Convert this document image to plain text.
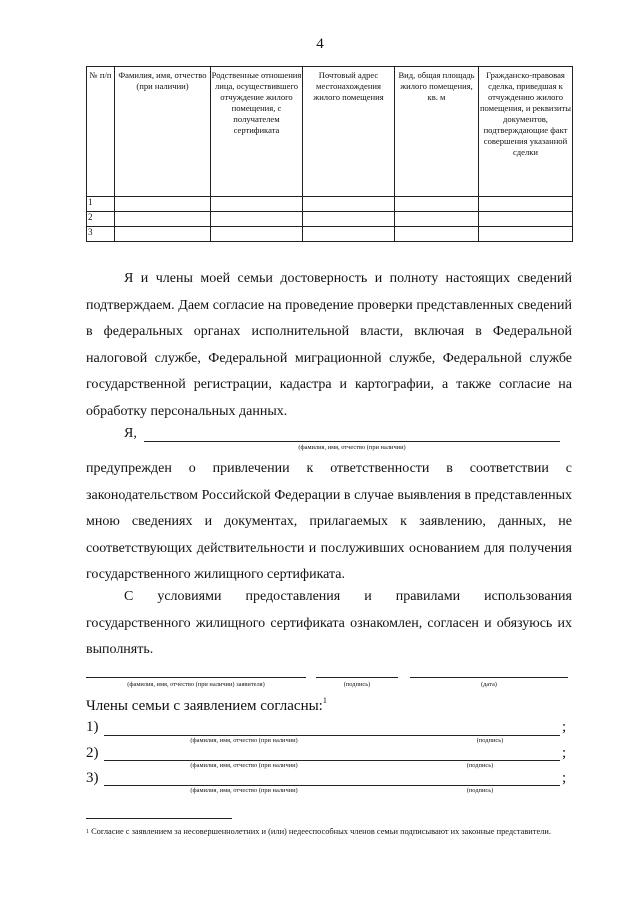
4
№ п/п	Фамилия, имя, отчество (при наличии)	Родственные отношения лица, осуществившего отчуждение жилого помещения, с получателем сертификата	Почтовый адрес местонахождения жилого помещения	Вид, общая площадь жилого помещения, кв. м	Гражданско-правовая сделка, приведшая к отчуждению жилого помещения, и реквизиты документов, подтверждающие факт совершения указанной сделки
1					
2					
3					
Я и члены моей семьи достоверность и полноту настоящих сведений подтверждаем. Даем согласие на проведение проверки представленных сведений в федеральных органах исполнительной власти, включая в Федеральной налоговой службе, Федеральной миграционной службе, Федеральной службе государственной регистрации, кадастра и картографии, а также согласие на обработку персональных данных.
Я,
(фамилия, имя, отчество (при наличии)
предупрежден о привлечении к ответственности в соответствии с законодательством Российской Федерации в случае выявления в представленных мною сведениях и документах, прилагаемых к заявлению, данных, не соответствующих действительности и послуживших основанием для получения государственного жилищного сертификата.
С условиями предоставления и правилами использования государственного жилищного сертификата ознакомлен, согласен и обязуюсь их выполнять.
(фамилия, имя, отчество (при наличии) заявителя)	(подпись)	(дата)
Члены семьи с заявлением согласны:$^1$
1)
(фамилия, имя, отчество (при наличии)	(подпись)
;
2)
(фамилия, имя, отчество (при наличии)	(подпись)
;
3)
(фамилия, имя, отчество (при наличии)	(подпись)
;
$^1$ Согласие с заявлением за несовершеннолетних и (или) недееспособных членов семьи подписывают их законные представители.
